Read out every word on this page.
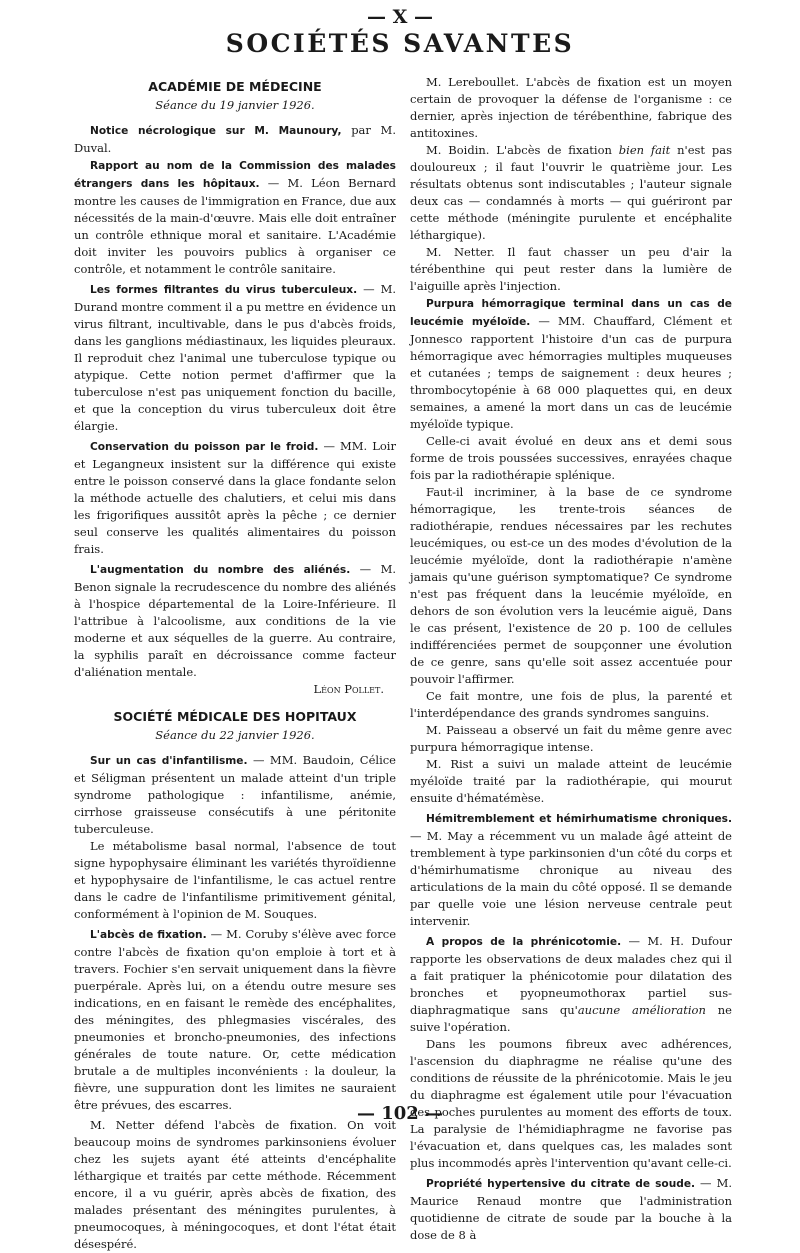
— X —
SOCIÉTÉS SAVANTES
ACADÉMIE DE MÉDECINE
Séance du 19 janvier 1926.

Notice nécrologique sur M. Maunoury, par M. Duval.

Rapport au nom de la Commission des malades étrangers dans les hôpitaux. — M. Léon Bernard montre les causes de l'immigration en France, due aux nécessités de la main-d'œuvre. Mais elle doit entraîner un contrôle ethnique moral et sanitaire. L'Académie doit inviter les pouvoirs publics à organiser ce contrôle, et notamment le contrôle sanitaire.

Les formes filtrantes du virus tuberculeux. — M. Durand montre comment il a pu mettre en évidence un virus filtrant, incultivable, dans le pus d'abcès froids, dans les ganglions médiastinaux, les liquides pleuraux. Il reproduit chez l'animal une tuberculose typique ou atypique. Cette notion permet d'affirmer que la tuberculose n'est pas uniquement fonction du bacille, et que la conception du virus tuberculeux doit être élargie.

Conservation du poisson par le froid. — MM. Loir et Legangneux insistent sur la différence qui existe entre le poisson conservé dans la glace fondante selon la méthode actuelle des chalutiers, et celui mis dans les frigorifiques aussitôt après la pêche ; ce dernier seul conserve les qualités alimentaires du poisson frais.

L'augmentation du nombre des aliénés. — M. Benon signale la recrudescence du nombre des aliénés à l'hospice départemental de la Loire-Inférieure. Il l'attribue à l'alcoolisme, aux conditions de la vie moderne et aux séquelles de la guerre. Au contraire, la syphilis paraît en décroissance comme facteur d'aliénation mentale.

Léon Pollet.
SOCIÉTÉ MÉDICALE DES HOPITAUX
Séance du 22 janvier 1926.

Sur un cas d'infantilisme. — MM. Baudoin, Célice et Séligman présentent un malade atteint d'un triple syndrome pathologique : infantilisme, anémie, cirrhose graisseuse consécutifs à une péritonite tuberculeuse.

Le métabolisme basal normal, l'absence de tout signe hypophysaire éliminant les variétés thyroïdienne et hypophysaire de l'infantilisme, le cas actuel rentre dans le cadre de l'infantilisme primitivement génital, conformément à l'opinion de M. Souques.

L'abcès de fixation. — M. Coruby s'élève avec force contre l'abcès de fixation qu'on emploie à tort et à travers. Fochier s'en servait uniquement dans la fièvre puerpérale. Après lui, on a étendu outre mesure ses indications, en en faisant le remède des encéphalites, des méningites, des phlegmasies viscérales, des pneumonies et broncho-pneumonies, des infections générales de toute nature. Or, cette médication brutale a de multiples inconvénients : la douleur, la fièvre, une suppuration dont les limites ne sauraient être prévues, des escarres.

M. Netter défend l'abcès de fixation. On voit beaucoup moins de syndromes parkinsoniens évoluer chez les sujets ayant été atteints d'encéphalite léthargique et traités par cette méthode. Récemment encore, il a vu guérir, après abcès de fixation, des malades présentant des méningites purulentes, à pneumocoques, à méningocoques, et dont l'état était désespéré.

M. Lereboullet. L'abcès de fixation est un moyen certain de provoquer la défense de l'organisme : ce dernier, après injection de térébenthine, fabrique des antitoxines.

M. Boidin. L'abcès de fixation bien fait n'est pas douloureux ; il faut l'ouvrir le quatrième jour. Les résultats obtenus sont indiscutables ; l'auteur signale deux cas — condamnés à morts — qui guériront par cette méthode (méningite purulente et encéphalite léthargique).

M. Netter. Il faut chasser un peu d'air la térébenthine qui peut rester dans la lumière de l'aiguille après l'injection.

Purpura hémorragique terminal dans un cas de leucémie myéloïde. — MM. Chauffard, Clément et Jonnesco rapportent l'histoire d'un cas de purpura hémorragique avec hémorragies multiples muqueuses et cutanées ; temps de saignement : deux heures ; thrombocytopénie à 68 000 plaquettes qui, en deux semaines, a amené la mort dans un cas de leucémie myéloïde typique.

Celle-ci avait évolué en deux ans et demi sous forme de trois poussées successives, enrayées chaque fois par la radiothérapie splénique.

Faut-il incriminer, à la base de ce syndrome hémorragique, les trente-trois séances de radiothérapie, rendues nécessaires par les rechutes leucémiques, ou est-ce un des modes d'évolution de la leucémie myéloïde, dont la radiothérapie n'amène jamais qu'une guérison symptomatique? Ce syndrome n'est pas fréquent dans la leucémie myéloïde, en dehors de son évolution vers la leucémie aiguë, Dans le cas présent, l'existence de 20 p. 100 de cellules indifférenciées permet de soupçonner une évolution de ce genre, sans qu'elle soit assez accentuée pour pouvoir l'affirmer.

Ce fait montre, une fois de plus, la parenté et l'interdépendance des grands syndromes sanguins.

M. Paisseau a observé un fait du même genre avec purpura hémorragique intense.

M. Rist a suivi un malade atteint de leucémie myéloïde traité par la radiothérapie, qui mourut ensuite d'hématémèse.

Hémitremblement et hémirhumatisme chroniques. — M. May a récemment vu un malade âgé atteint de tremblement à type parkinsonien d'un côté du corps et d'hémirhumatisme chronique au niveau des articulations de la main du côté opposé. Il se demande par quelle voie une lésion nerveuse centrale peut intervenir.

A propos de la phrénicotomie. — M. H. Dufour rapporte les observations de deux malades chez qui il a fait pratiquer la phénicotomie pour dilatation des bronches et pyopneumothorax partiel sus-diaphragmatique sans qu'aucune amélioration ne suive l'opération.

Dans les poumons fibreux avec adhérences, l'ascension du diaphragme ne réalise qu'une des conditions de réussite de la phrénicotomie. Mais le jeu du diaphragme est également utile pour l'évacuation des poches purulentes au moment des efforts de toux. La paralysie de l'hémidiaphragme ne favorise pas l'évacuation et, dans quelques cas, les malades sont plus incommodés après l'intervention qu'avant celle-ci.

Propriété hypertensive du citrate de soude. — M. Maurice Renaud montre que l'administration quotidienne de citrate de soude par la bouche à la dose de 8 à

— 102 —
